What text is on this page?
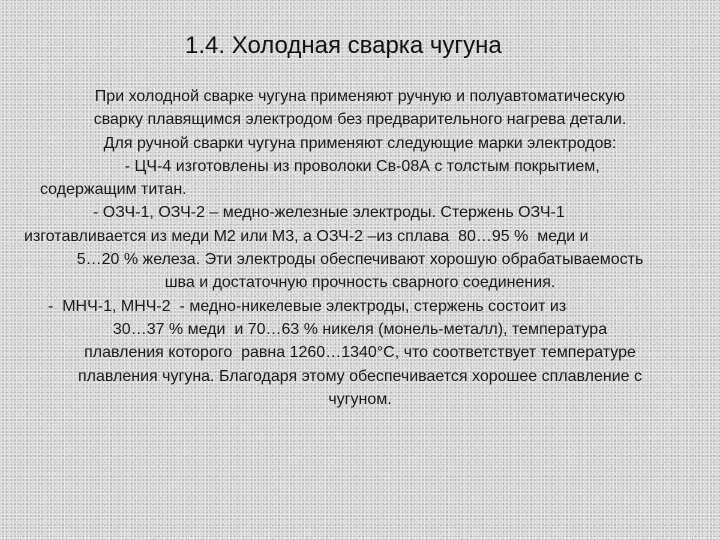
1.4. Холодная сварка чугуна
При холодной сварке чугуна применяют ручную и полуавтоматическую
сварку плавящимся электродом без предварительного нагрева детали.
Для ручной сварки чугуна применяют следующие марки электродов:
- ЦЧ-4 изготовлены из проволоки Св-08А с толстым покрытием,
содержащим титан.
- ОЗЧ-1, ОЗЧ-2 – медно-железные электроды. Стержень ОЗЧ-1
изготавливается из меди М2 или М3, а ОЗЧ-2 –из сплава  80…95 %  меди и
5…20 % железа. Эти электроды обеспечивают хорошую обрабатываемость
шва и достаточную прочность сварного соединения.
-  МНЧ-1, МНЧ-2  - медно-никелевые электроды, стержень состоит из
30…37 % меди  и 70…63 % никеля (монель-металл), температура
плавления которого  равна 1260…1340°C, что соответствует температуре
плавления чугуна. Благодаря этому обеспечивается хорошее сплавление с
чугуном.
